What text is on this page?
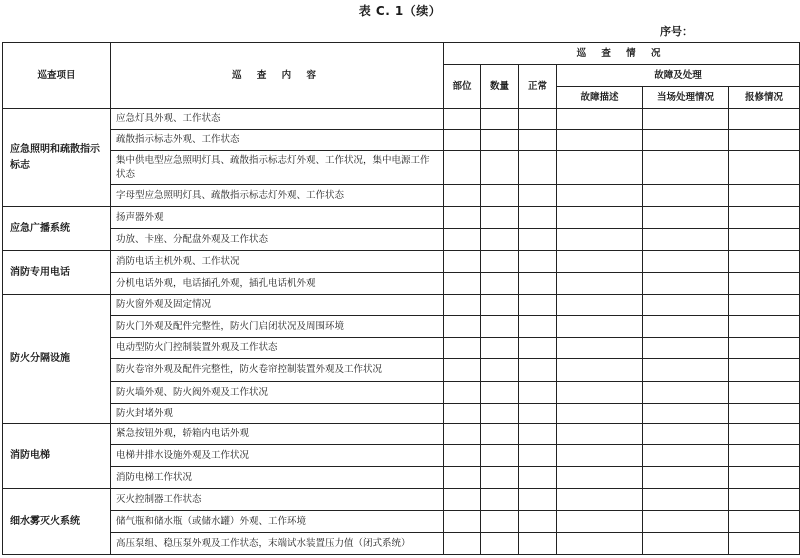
表 C. 1（续）
序号：
巡查项目	巡 查 内 容	巡 查 情 况					
		部位	数量	正常	故障及处理		
					故障描述	当场处理情况	报修情况
应急照明和疏散指示标志	应急灯具外观、工作状态						
	疏散指示标志外观、工作状态						
	集中供电型应急照明灯具、疏散指示标志灯外观、工作状况，集中电源工作状态						
	字母型应急照明灯具、疏散指示标志灯外观、工作状态						
应急广播系统	扬声器外观						
	功放、卡座、分配盘外观及工作状态						
消防专用电话	消防电话主机外观、工作状况						
	分机电话外观，电话插孔外观，插孔电话机外观						
防火分隔设施	防火窗外观及固定情况						
	防火门外观及配件完整性，防火门启闭状况及周围环境						
	电动型防火门控制装置外观及工作状态						
	防火卷帘外观及配件完整性，防火卷帘控制装置外观及工作状况						
	防火墙外观、防火阀外观及工作状况						
	防火封堵外观						
消防电梯	紧急按钮外观，轿箱内电话外观						
	电梯井排水设施外观及工作状况						
	消防电梯工作状况						
细水雾灭火系统	灭火控制器工作状态						
	储气瓶和储水瓶（或储水罐）外观、工作环境						
	高压泵组、稳压泵外观及工作状态，末端试水装置压力值（闭式系统）						
